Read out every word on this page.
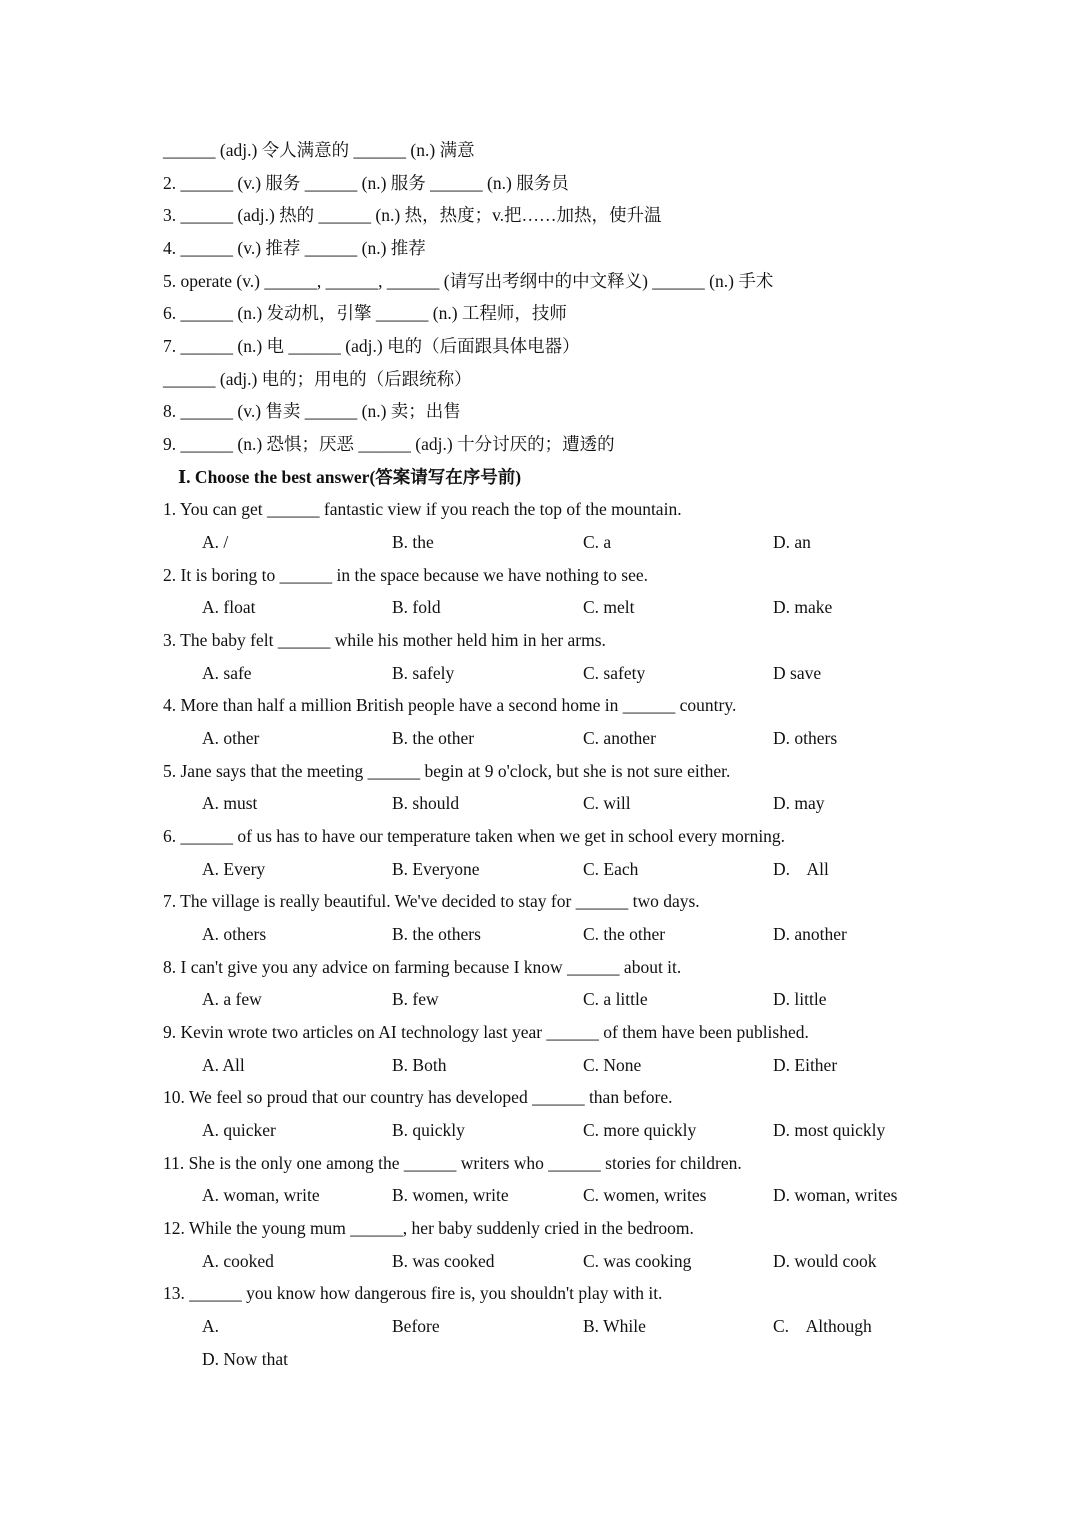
______ (adj.) 令人满意的 ______ (n.) 满意
2. ______ (v.) 服务 ______ (n.) 服务 ______ (n.) 服务员
3. ______ (adj.) 热的 ______ (n.) 热，热度；v.把……加热，使升温
4. ______ (v.) 推荐 ______ (n.) 推荐
5. operate (v.) ______, ______, ______ (请写出考纲中的中文释义) ______ (n.) 手术
6. ______ (n.) 发动机，引擎 ______ (n.) 工程师，技师
7. ______ (n.) 电 ______ (adj.) 电的（后面跟具体电器）
______ (adj.) 电的；用电的（后跟统称）
8. ______ (v.) 售卖 ______ (n.) 卖；出售
9. ______ (n.) 恐惧；厌恶 ______ (adj.) 十分讨厌的；遭透的
Ⅰ. Choose the best answer(答案请写在序号前)
1. You can get ______ fantastic view if you reach the top of the mountain.
A. /	B. the	C. a	D. an
2. It is boring to ______ in the space because we have nothing to see.
A. float	B. fold	C. melt	D. make
3. The baby felt ______ while his mother held him in her arms.
A. safe	B. safely	C. safety	D save
4. More than half a million British people have a second home in ______ country.
A. other	B. the other	C. another	D. others
5. Jane says that the meeting ______ begin at 9 o'clock, but she is not sure either.
A. must	B. should	C. will	D. may
6. ______ of us has to have our temperature taken when we get in school every morning.
A. Every	B. Everyone	C. Each	D.    All
7. The village is really beautiful. We've decided to stay for ______ two days.
A. others	B. the others	C. the other	D. another
8. I can't give you any advice on farming because I know ______ about it.
A. a few	B. few	C. a little	D. little
9. Kevin wrote two articles on AI technology last year ______ of them have been published.
A. All	B. Both	C. None	D. Either
10. We feel so proud that our country has developed ______ than before.
A. quicker	B. quickly	C. more quickly	D. most quickly
11. She is the only one among the ______ writers who ______ stories for children.
A. woman, write	B. women, write	C. women, writes	D. woman, writes
12. While the young mum ______, her baby suddenly cried in the bedroom.
A. cooked	B. was cooked	C. was cooking	D. would cook
13. ______ you know how dangerous fire is, you shouldn't play with it.
A.	Before	B. While	C.    Although
D. Now that
